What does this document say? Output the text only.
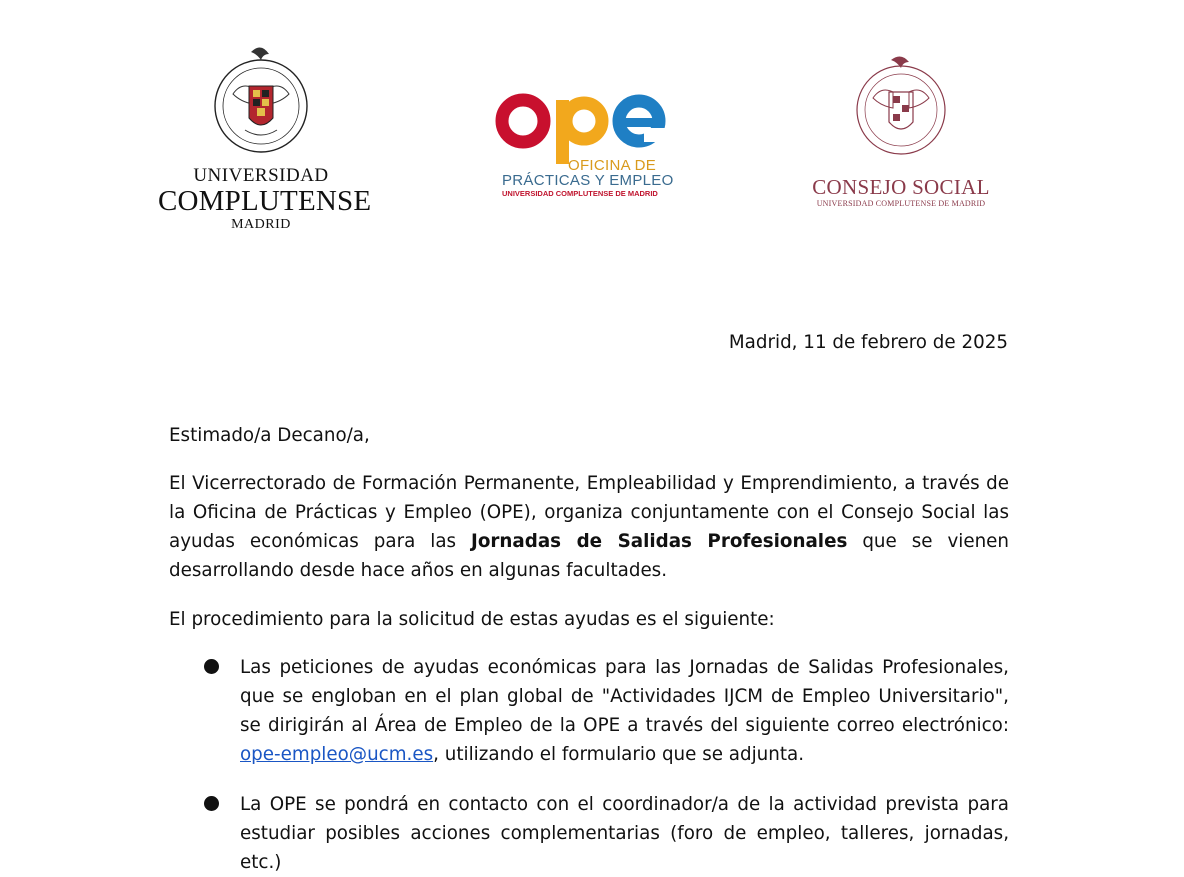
UNIVERSIDAD
COMPLUTENSE
MADRID
OFICINA DE
PRÁCTICAS Y EMPLEO
UNIVERSIDAD COMPLUTENSE DE MADRID	CONSEJO SOCIAL
UNIVERSIDAD COMPLUTENSE DE MADRID
Madrid, 11 de febrero de 2025
Estimado/a Decano/a,
El Vicerrectorado de Formación Permanente, Empleabilidad y Emprendimiento, a través de la Oficina de Prácticas y Empleo (OPE), organiza conjuntamente con el Consejo Social las ayudas económicas para las Jornadas de Salidas Profesionales que se vienen desarrollando desde hace años en algunas facultades.
El procedimiento para la solicitud de estas ayudas es el siguiente:
Las peticiones de ayudas económicas para las Jornadas de Salidas Profesionales, que se engloban en el plan global de "Actividades IJCM de Empleo Universitario", se dirigirán al Área de Empleo de la OPE a través del siguiente correo electrónico: ope-empleo@ucm.es, utilizando el formulario que se adjunta.
La OPE se pondrá en contacto con el coordinador/a de la actividad prevista para estudiar posibles acciones complementarias (foro de empleo, talleres, jornadas, etc.)
